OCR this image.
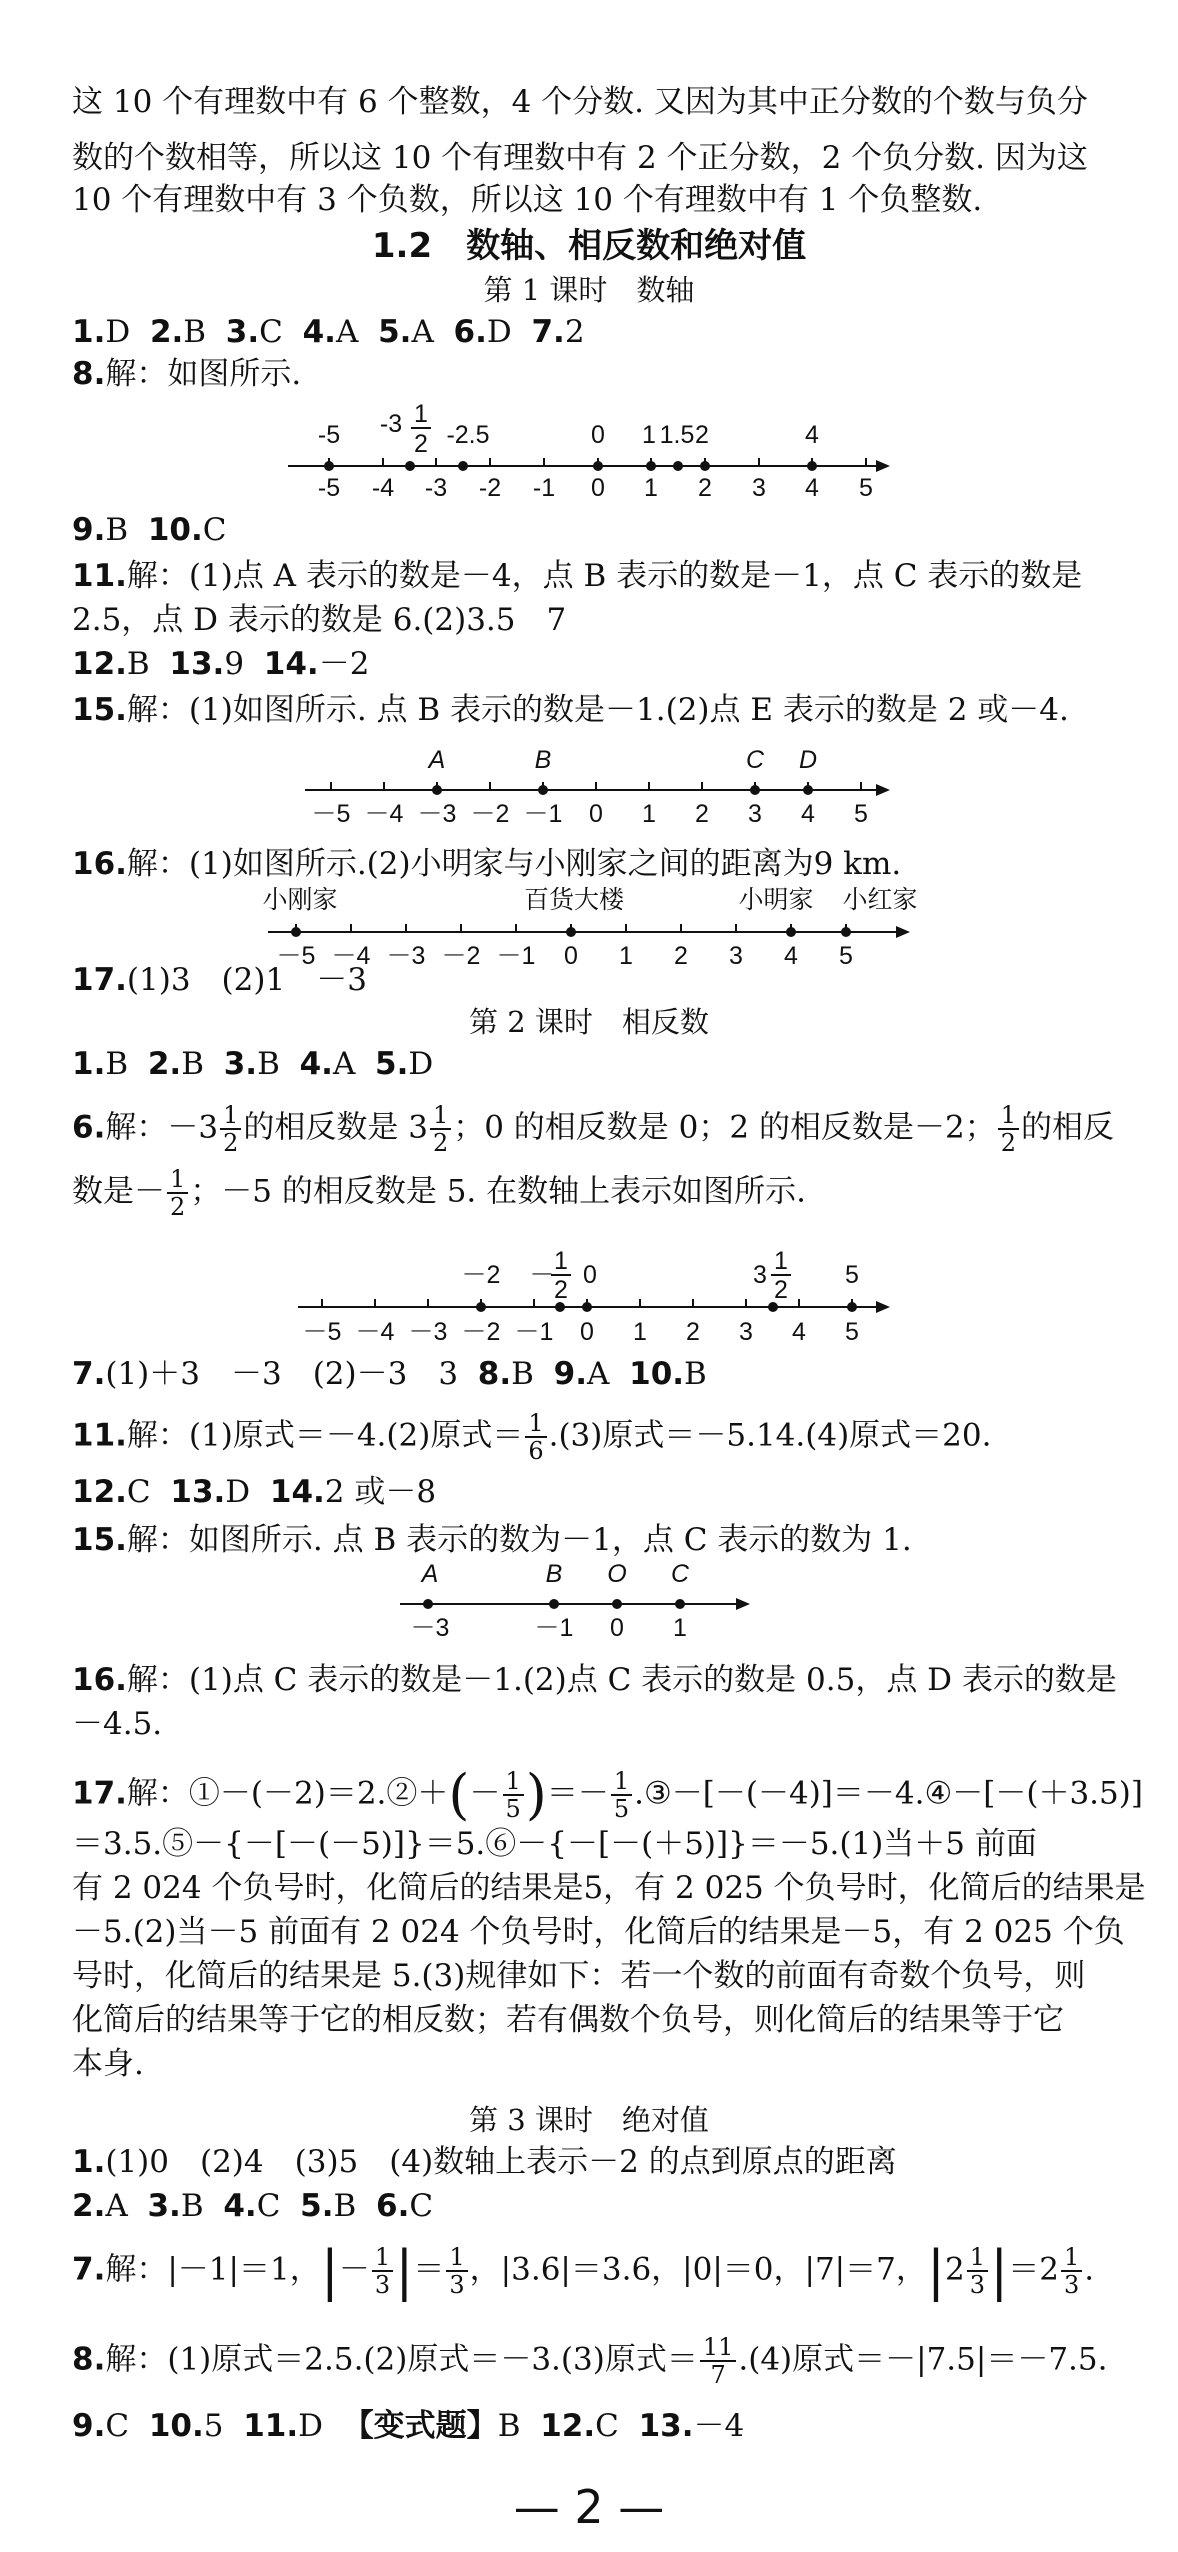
这 10 个有理数中有 6 个整数，4 个分数. 又因为其中正分数的个数与负分
数的个数相等，所以这 10 个有理数中有 2 个正分数，2 个负分数. 因为这
10 个有理数中有 3 个负数，所以这 10 个有理数中有 1 个负整数.
1.2　数轴、相反数和绝对值
第 1 课时　数轴
1.D 2.B 3.C 4.A 5.A 6.D 7.2
8.解：如图所示.
-5 -4 -3 -2 -1 0 1 2 3 4 5
-5 -3 1
2 -2.5	0 1 1.5 2	4
9.B 10.C
11.解：(1)点 A 表示的数是－4，点 B 表示的数是－1，点 C 表示的数是
2.5，点 D 表示的数是 6.(2)3.5　7
12.B 13.9 14.－2
15.解：(1)如图所示. 点 B 表示的数是－1.(2)点 E 表示的数是 2 或－4.
－5 －4 －3 －2 －1 0 1 2 3 4 5
A	B	C D
16.解：(1)如图所示.(2)小明家与小刚家之间的距离为9 km.
－5 －4 －3 －2 －1 0 1 2 3 4 5
小刚家	百货大楼	小明家 小红家
17.(1)3　(2)1　－3
第 2 课时　相反数
1.B 2.B 3.B 4.A 5.D
6.解：$-3 \frac{1}{2}$ 的相反数是 $3 \frac{1}{2}$ ；0 的相反数是 0；2 的相反数是－2； $\frac{1}{2}$ 的相反
数是－ $\frac{1}{2}$ ；－5 的相反数是 5. 在数轴上表示如图所示.
－5 －4 －3 －2 －1 0 1 2 3 4 5
－2 － 1
2
0	3 1
2
5
7.(1)＋3　－3　(2)－3　3 8.B 9.A 10.B
11.解：(1)原式＝－4.(2)原式＝ $\frac{1}{6} .(3)$原式＝－5.14.(4)原式＝20.
12.C 13.D 14.2 或－8
15.解：如图所示. 点 B 表示的数为－1，点 C 表示的数为 1.
－3	－1 0 1
A	B O C
16.解：(1)点 C 表示的数是－1.(2)点 C 表示的数是 0.5，点 D 表示的数是
－4.5.
17.解：①－(－2)＝2.②＋(－ $\frac{1}{5}$ )＝－ $\frac{1}{5}$ .③－[－(－4)]＝－4.④－[－(＋3.5)]
＝3.5.⑤－{－[－(－5)]}＝5.⑥－{－[－(＋5)]}＝－5.(1)当＋5 前面
有 2 024 个负号时，化简后的结果是5，有 2 025 个负号时，化简后的结果是
－5.(2)当－5 前面有 2 024 个负号时，化简后的结果是－5，有 2 025 个负
号时，化简后的结果是 5.(3)规律如下：若一个数的前面有奇数个负号，则
化简后的结果等于它的相反数；若有偶数个负号，则化简后的结果等于它
本身.
第 3 课时　绝对值
1.(1)0　(2)4　(3)5　(4)数轴上表示－2 的点到原点的距离
2.A 3.B 4.C 5.B 6.C
7.解：|－1|＝1，|－ $\frac{1}{3}$ |＝ $\frac{1}{3}$ ，|3.6|＝3.6，|0|＝0，|7|＝7，$|2 \frac{1}{3} |=2 \frac{1}{3}$ .
8.解：(1)原式＝2.5.(2)原式＝－3.(3)原式＝ $\frac{11}{7} .(4)$原式＝－|7.5|＝－7.5.
9.C 10.5 11.D 【变式题】B 12.C 13.－4
— 2 —
